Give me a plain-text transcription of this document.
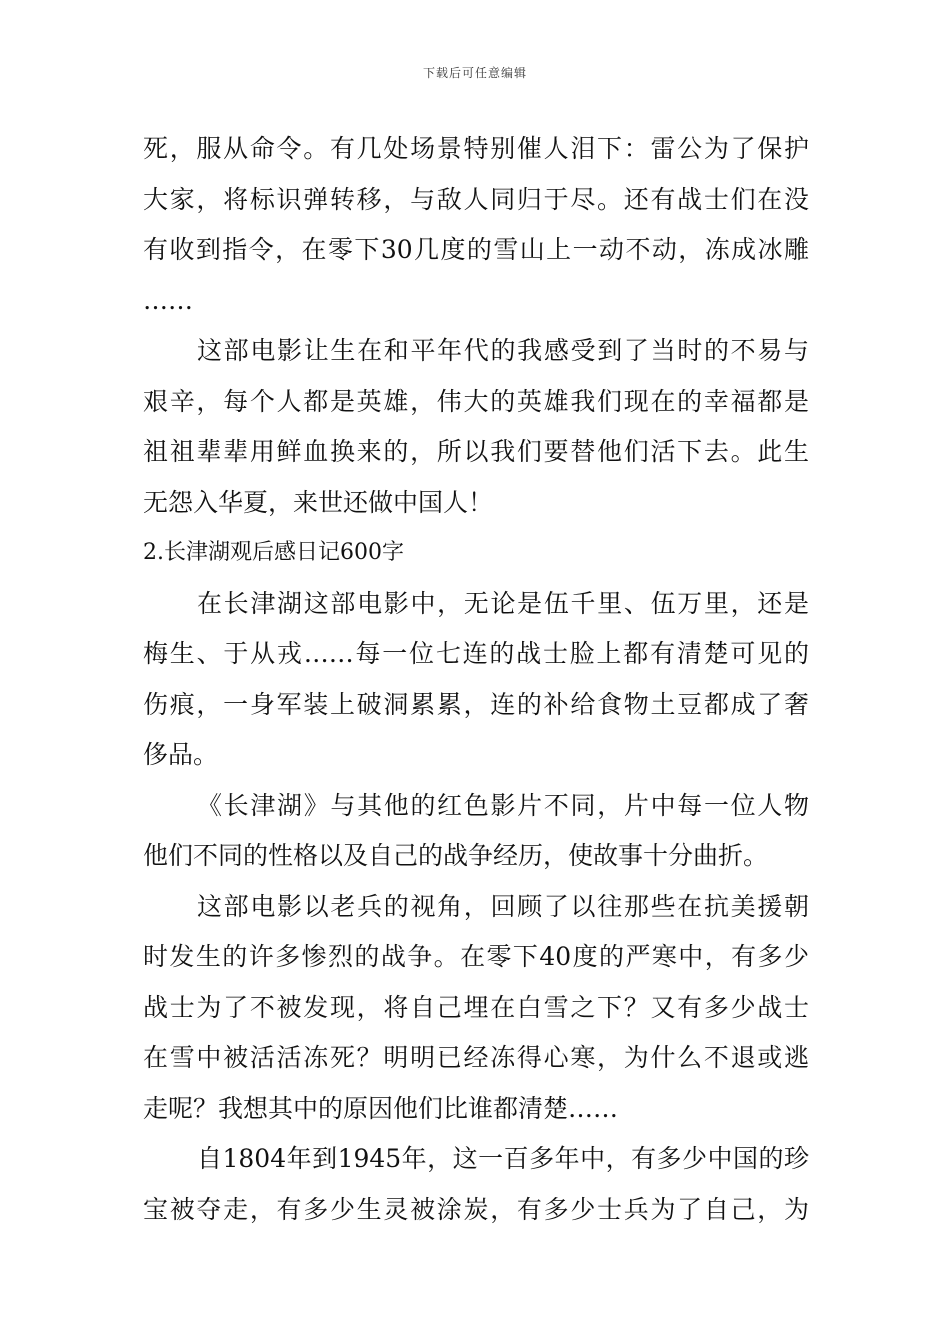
下载后可任意编辑
死，服从命令。有几处场景特别催人泪下：雷公为了保护
大家，将标识弹转移，与敌人同归于尽。还有战士们在没
有收到指令，在零下30几度的雪山上一动不动，冻成冰雕
……
这部电影让生在和平年代的我感受到了当时的不易与
艰辛，每个人都是英雄，伟大的英雄我们现在的幸福都是
祖祖辈辈用鲜血换来的，所以我们要替他们活下去。此生
无怨入华夏，来世还做中国人！
2.长津湖观后感日记600字
在长津湖这部电影中，无论是伍千里、伍万里，还是
梅生、于从戎……每一位七连的战士脸上都有清楚可见的
伤痕，一身军装上破洞累累，连的补给食物土豆都成了奢
侈品。
《长津湖》与其他的红色影片不同，片中每一位人物
他们不同的性格以及自己的战争经历，使故事十分曲折。
这部电影以老兵的视角，回顾了以往那些在抗美援朝
时发生的许多惨烈的战争。在零下40度的严寒中，有多少
战士为了不被发现，将自己埋在白雪之下？又有多少战士
在雪中被活活冻死？明明已经冻得心寒，为什么不退或逃
走呢？我想其中的原因他们比谁都清楚……
自1804年到1945年，这一百多年中，有多少中国的珍
宝被夺走，有多少生灵被涂炭，有多少士兵为了自己，为
